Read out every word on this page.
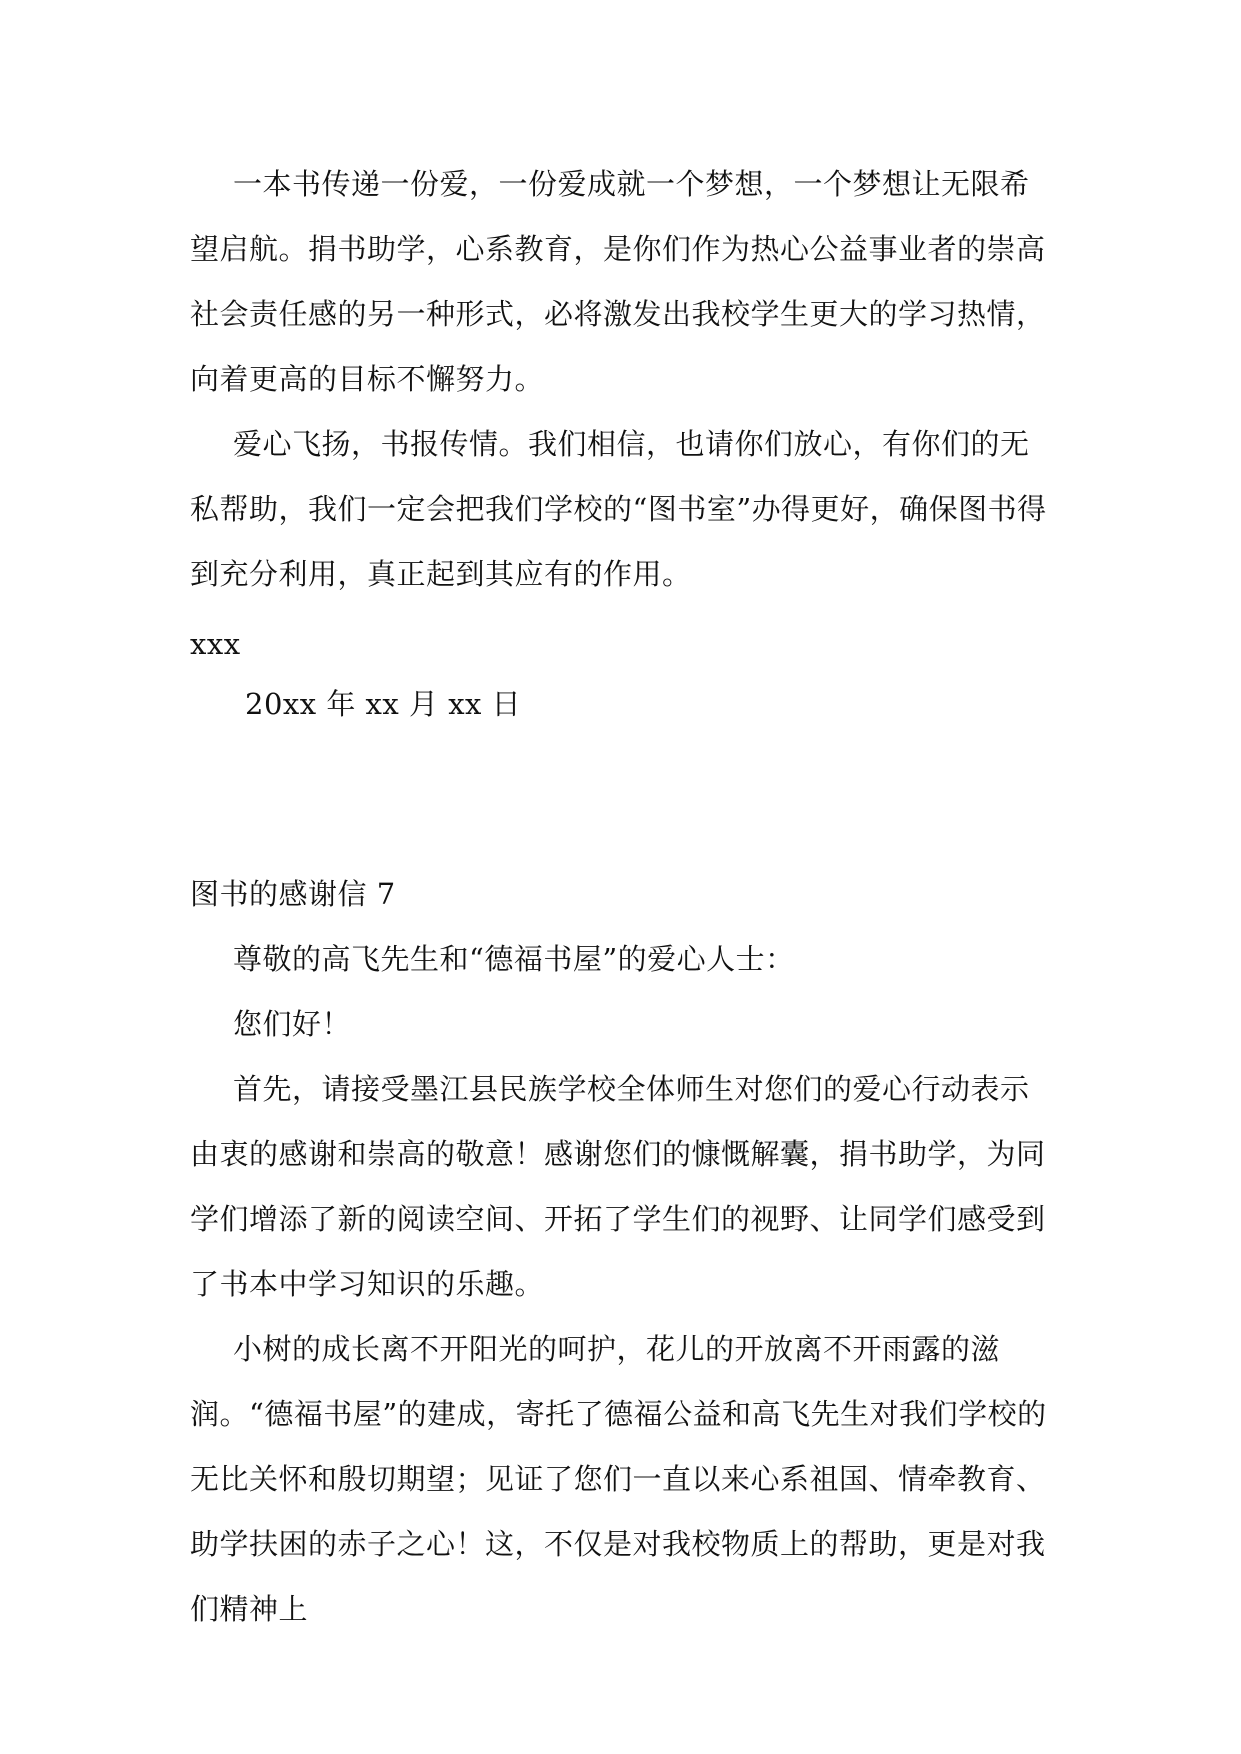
一本书传递一份爱，一份爱成就一个梦想，一个梦想让无限希望启航。捐书助学，心系教育，是你们作为热心公益事业者的崇高社会责任感的另一种形式，必将激发出我校学生更大的学习热情，向着更高的目标不懈努力。
爱心飞扬，书报传情。我们相信，也请你们放心，有你们的无私帮助，我们一定会把我们学校的“图书室”办得更好，确保图书得到充分利用，真正起到其应有的作用。
xxx
20xx 年 xx 月 xx 日
图书的感谢信 7
尊敬的高飞先生和“德福书屋”的爱心人士：
您们好！
首先，请接受墨江县民族学校全体师生对您们的爱心行动表示由衷的感谢和崇高的敬意！感谢您们的慷慨解囊，捐书助学，为同学们增添了新的阅读空间、开拓了学生们的视野、让同学们感受到了书本中学习知识的乐趣。
小树的成长离不开阳光的呵护，花儿的开放离不开雨露的滋润。“德福书屋”的建成，寄托了德福公益和高飞先生对我们学校的无比关怀和殷切期望；见证了您们一直以来心系祖国、情牵教育、助学扶困的赤子之心！这，不仅是对我校物质上的帮助，更是对我们精神上
